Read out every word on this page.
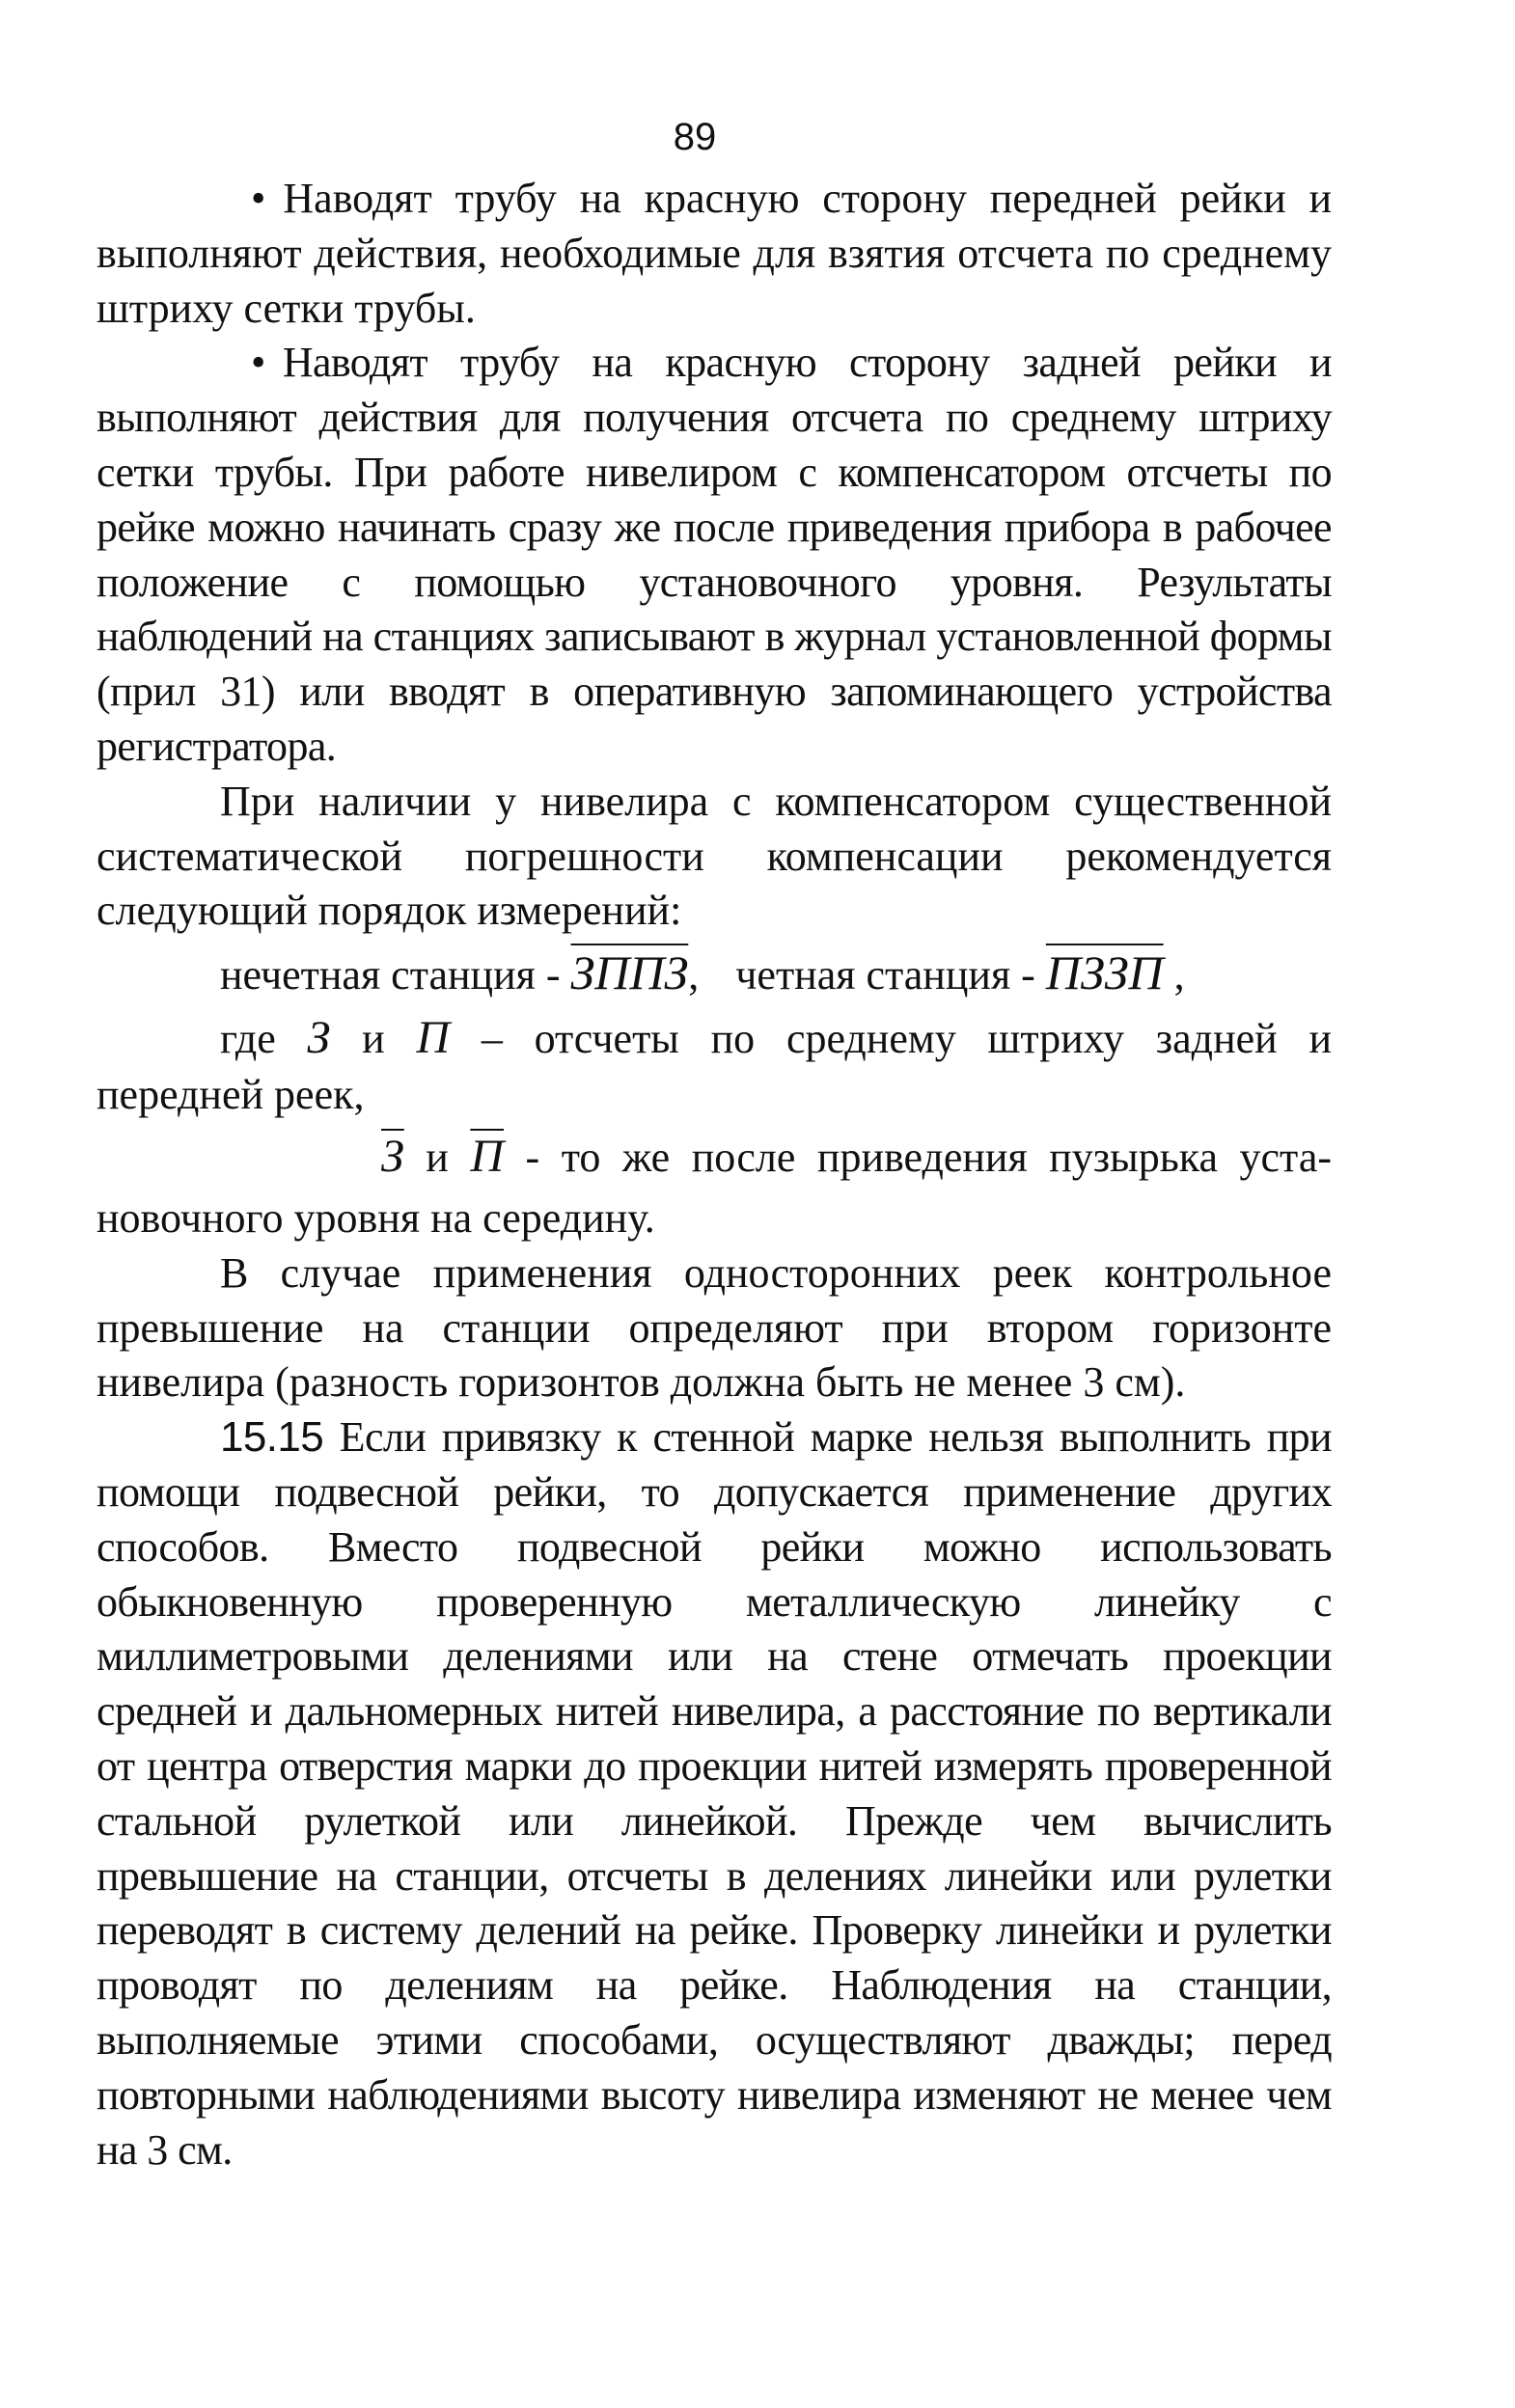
89

• Наводят трубу на красную сторону передней рейки и выполняют действия, необходимые для взятия отсчета по среднему штриху сетки трубы.

• Наводят трубу на красную сторону задней рейки и выполняют действия для получения отсчета по среднему штриху сетки трубы. При работе нивелиром с компенсатором отсчеты по рейке можно начинать сразу же после приведения прибора в рабочее положение с помощью установочного уровня. Результаты наблюдений на станциях записывают в журнал установленной формы (прил 31) или вводят в оперативную запоминающего устройства регистратора.

При наличии у нивелира с компенсатором существенной систематической погрешности компенсации рекомендуется следующий порядок измерений:

нечетная станция - ЗППЗ, четная станция - ПЗЗП ,

где З и П – отсчеты по среднему штриху задней и

передней реек,

З и П - то же после приведения пузырька уста-

новочного уровня на середину.

В случае применения односторонних реек контрольное превышение на станции определяют при втором горизонте нивелира (разность горизонтов должна быть не менее 3 см).

15.15 Если привязку к стенной марке нельзя выполнить при помощи подвесной рейки, то допускается применение других способов. Вместо подвесной рейки можно использовать обыкновенную проверенную металлическую линейку с миллиметровыми делениями или на стене отмечать проекции средней и дальномерных нитей нивелира, а расстояние по вертикали от центра отверстия марки до проекции нитей измерять проверенной стальной рулеткой или линейкой. Прежде чем вычислить превышение на станции, отсчеты в делениях линейки или рулетки переводят в систему делений на рейке. Проверку линейки и рулетки проводят по делениям на рейке. Наблюдения на станции, выполняемые этими способами, осуществляют дважды; перед повторными наблюдениями высоту нивелира изменяют не менее чем на 3 см.
